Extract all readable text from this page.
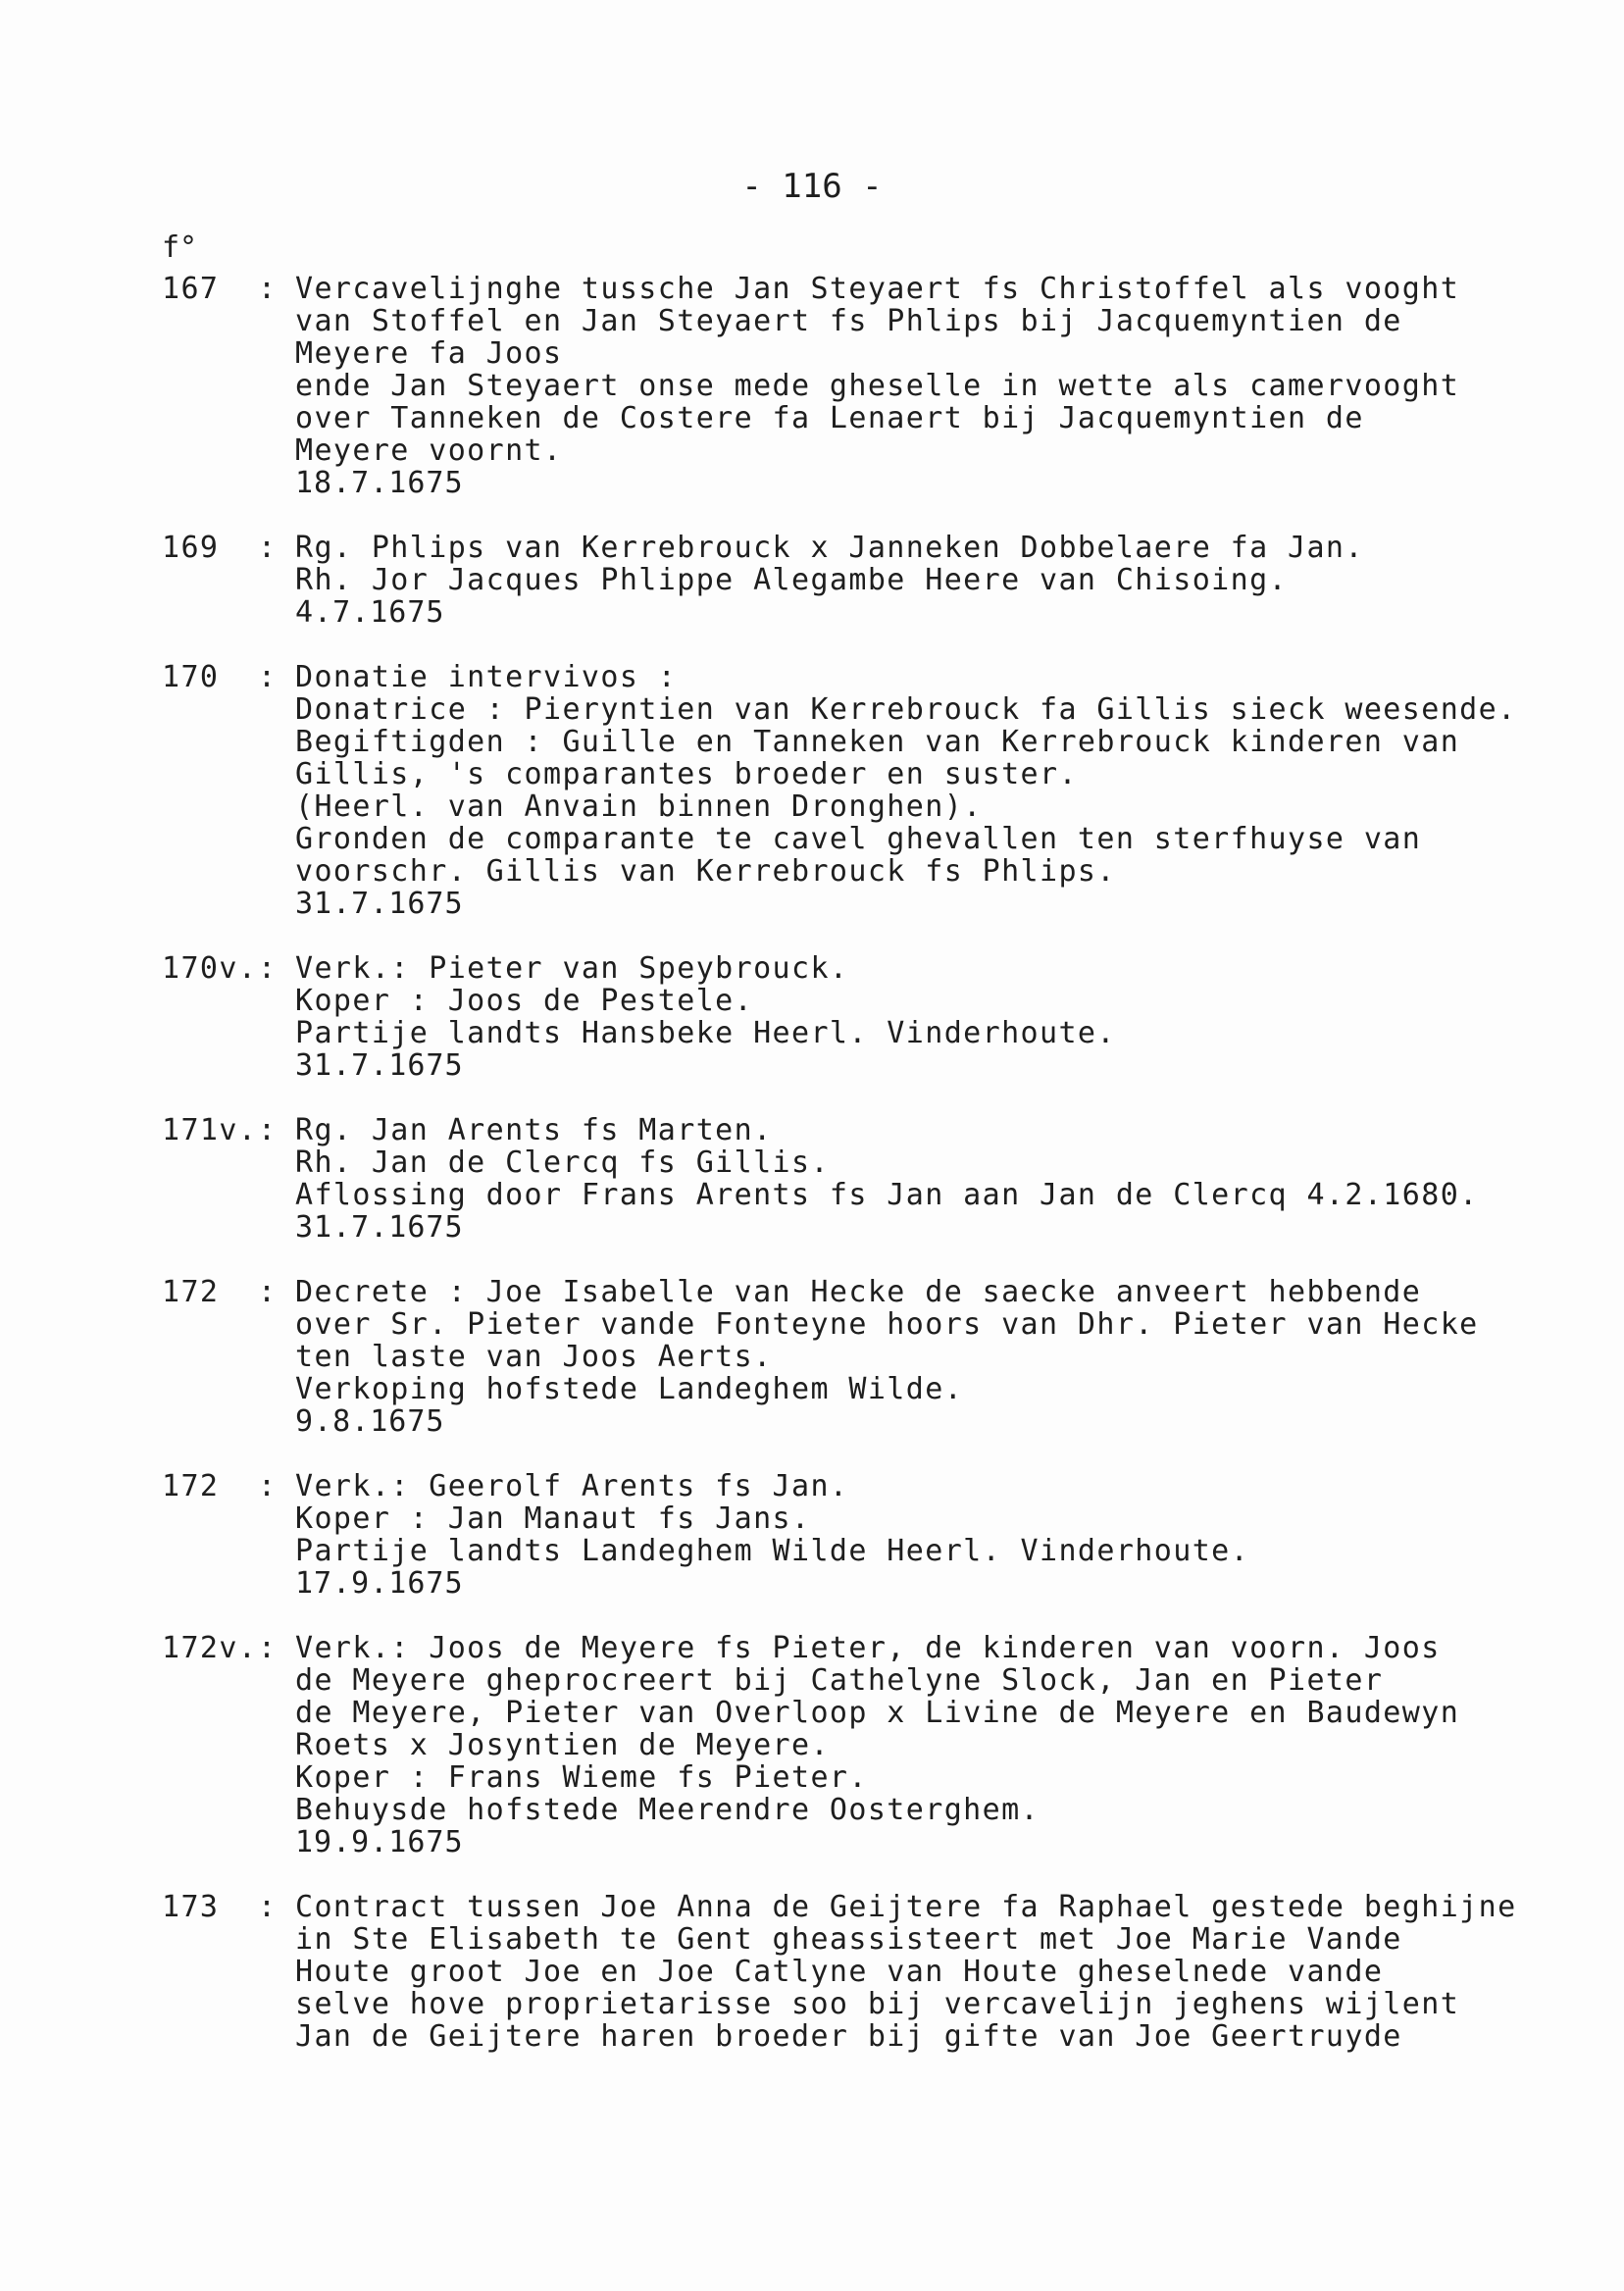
- 116 -
f°
167	: Vercavelijnghe tussche Jan Steyaert fs Christoffel als vooght
van Stoffel en Jan Steyaert fs Phlips bij Jacquemyntien de
Meyere fa Joos
ende Jan Steyaert onse mede gheselle in wette als camervooght
over Tanneken de Costere fa Lenaert bij Jacquemyntien de
Meyere voornt.
18.7.1675
169	: Rg. Phlips van Kerrebrouck x Janneken Dobbelaere fa Jan.
Rh. Jor Jacques Phlippe Alegambe Heere van Chisoing.
4.7.1675
170	: Donatie intervivos :
Donatrice : Pieryntien van Kerrebrouck fa Gillis sieck weesende.
Begiftigden : Guille en Tanneken van Kerrebrouck kinderen van
Gillis, 's comparantes broeder en suster.
(Heerl. van Anvain binnen Dronghen).
Gronden de comparante te cavel ghevallen ten sterfhuyse van
voorschr. Gillis van Kerrebrouck fs Phlips.
31.7.1675
170v. : Verk.: Pieter van Speybrouck.
Koper : Joos de Pestele.
Partije landts Hansbeke Heerl. Vinderhoute.
31.7.1675
171v. : Rg. Jan Arents fs Marten.
Rh. Jan de Clercq fs Gillis.
Aflossing door Frans Arents fs Jan aan Jan de Clercq 4.2.1680.
31.7.1675
172	: Decrete : Joe Isabelle van Hecke de saecke anveert hebbende
over Sr. Pieter vande Fonteyne hoors van Dhr. Pieter van Hecke
ten laste van Joos Aerts.
Verkoping hofstede Landeghem Wilde.
9.8.1675
172	: Verk.: Geerolf Arents fs Jan.
Koper : Jan Manaut fs Jans.
Partije landts Landeghem Wilde Heerl. Vinderhoute.
17.9.1675
172v. : Verk.: Joos de Meyere fs Pieter, de kinderen van voorn. Joos
de Meyere gheprocreert bij Cathelyne Slock, Jan en Pieter
de Meyere, Pieter van Overloop x Livine de Meyere en Baudewyn
Roets x Josyntien de Meyere.
Koper : Frans Wieme fs Pieter.
Behuysde hofstede Meerendre Oosterghem.
19.9.1675
173	: Contract tussen Joe Anna de Geijtere fa Raphael gestede beghijne
in Ste Elisabeth te Gent gheassisteert met Joe Marie Vande
Houte groot Joe en Joe Catlyne van Houte gheselnede vande
selve hove proprietarisse soo bij vercavelijn jeghens wijlent
Jan de Geijtere haren broeder bij gifte van Joe Geertruyde
